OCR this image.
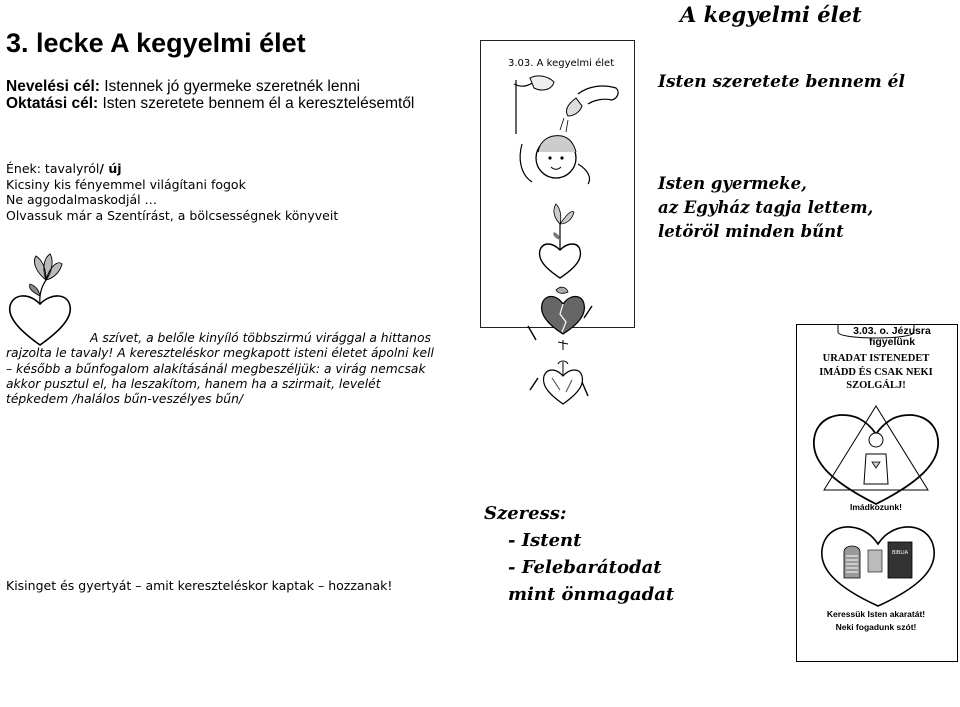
3. lecke A kegyelmi élet
Nevelési cél: Istennek jó gyermeke szeretnék lenni
Oktatási cél: Isten szeretete bennem él a keresztelésemtől
Ének: tavalyról/ új
Kicsiny kis fényemmel világítani fogok
Ne aggodalmaskodjál …
Olvassuk már a Szentírást, a bölcsességnek könyveit
A szívet, a belőle kinyíló többszirmú virággal a hittanos
rajzolta le tavaly! A kereszteléskor megkapott isteni életet ápolni kell
– később a bűnfogalom alakításánál megbeszéljük: a virág nemcsak
akkor pusztul el, ha leszakítom, hanem ha a szirmait, levelét
tépkedem /halálos bűn-veszélyes bűn/
Kisinget és gyertyát – amit kereszteléskor kaptak – hozzanak!
3.03. A kegyelmi élet
A kegyelmi élet
Isten szeretete bennem él
Isten gyermeke,
az Egyház tagja lettem,
letöröl minden bűnt
Szeress:
- Istent
- Felebarátodat
mint önmagadat
3.03. o. Jézusra figyelünk
URADAT ISTENEDET
IMÁDD ÉS CSAK NEKI
SZOLGÁLJ!
Imádkozunk!
BIBLIA
Keressük Isten akaratát!
Neki fogadunk szót!
